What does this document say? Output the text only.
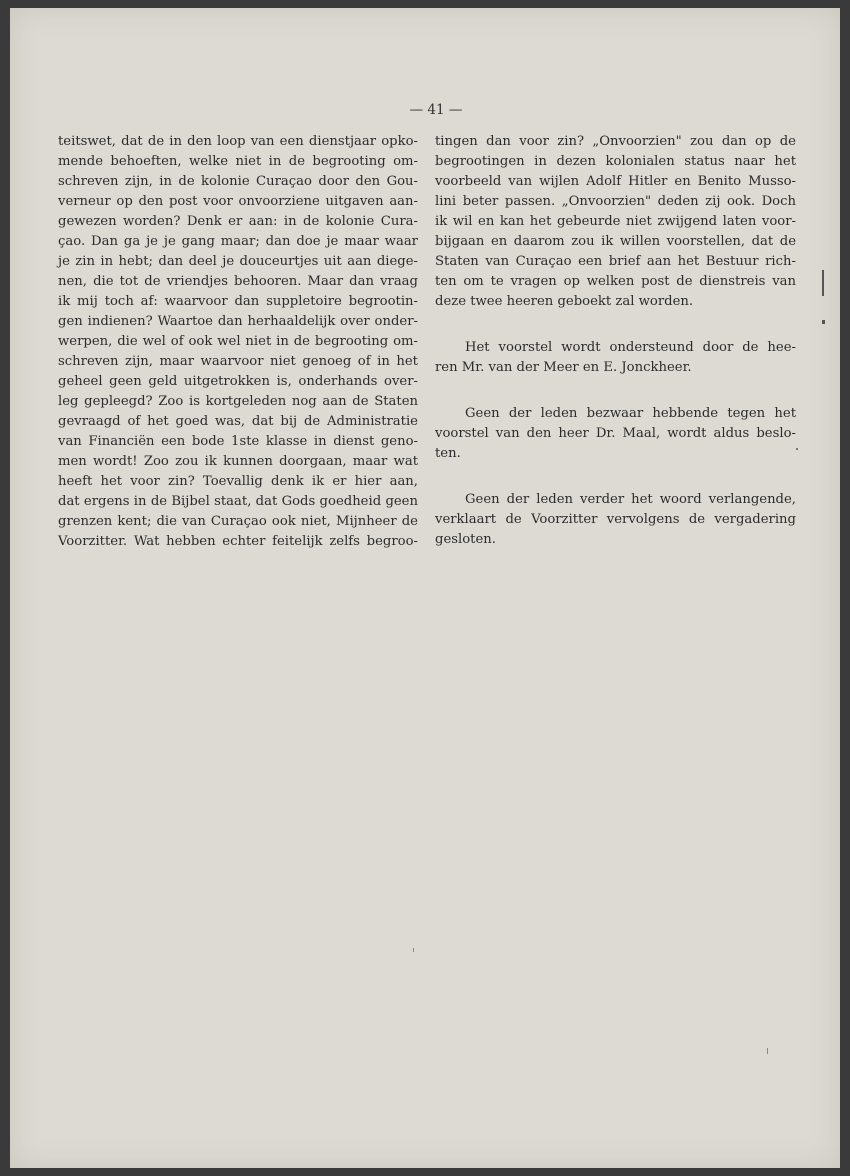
— 41 —
teitswet, dat de in den loop van een dienstjaar opko-
mende behoeften, welke niet in de begrooting om-
schreven zijn, in de kolonie Curaçao door den Gou-
verneur op den post voor onvoorziene uitgaven aan-
gewezen worden? Denk er aan: in de kolonie Cura-
çao. Dan ga je je gang maar; dan doe je maar waar
je zin in hebt; dan deel je douceurtjes uit aan diege-
nen, die tot de vriendjes behooren. Maar dan vraag
ik mij toch af: waarvoor dan suppletoire begrootin-
gen indienen? Waartoe dan herhaaldelijk over onder-
werpen, die wel of ook wel niet in de begrooting om-
schreven zijn, maar waarvoor niet genoeg of in het
geheel geen geld uitgetrokken is, onderhands over-
leg gepleegd? Zoo is kortgeleden nog aan de Staten
gevraagd of het goed was, dat bij de Administratie
van Financiën een bode 1ste klasse in dienst geno-
men wordt! Zoo zou ik kunnen doorgaan, maar wat
heeft het voor zin? Toevallig denk ik er hier aan,
dat ergens in de Bijbel staat, dat Gods goedheid geen
grenzen kent; die van Curaçao ook niet, Mijnheer de
Voorzitter. Wat hebben echter feitelijk zelfs begroo-
tingen dan voor zin? „Onvoorzien" zou dan op de
begrootingen in dezen kolonialen status naar het
voorbeeld van wijlen Adolf Hitler en Benito Musso-
lini beter passen. „Onvoorzien" deden zij ook. Doch
ik wil en kan het gebeurde niet zwijgend laten voor-
bijgaan en daarom zou ik willen voorstellen, dat de
Staten van Curaçao een brief aan het Bestuur rich-
ten om te vragen op welken post de dienstreis van
deze twee heeren geboekt zal worden.
Het voorstel wordt ondersteund door de hee-
ren Mr. van der Meer en E. Jonckheer.
Geen der leden bezwaar hebbende tegen het
voorstel van den heer Dr. Maal, wordt aldus beslo-
ten.
Geen der leden verder het woord verlangende,
verklaart de Voorzitter vervolgens de vergadering
gesloten.
